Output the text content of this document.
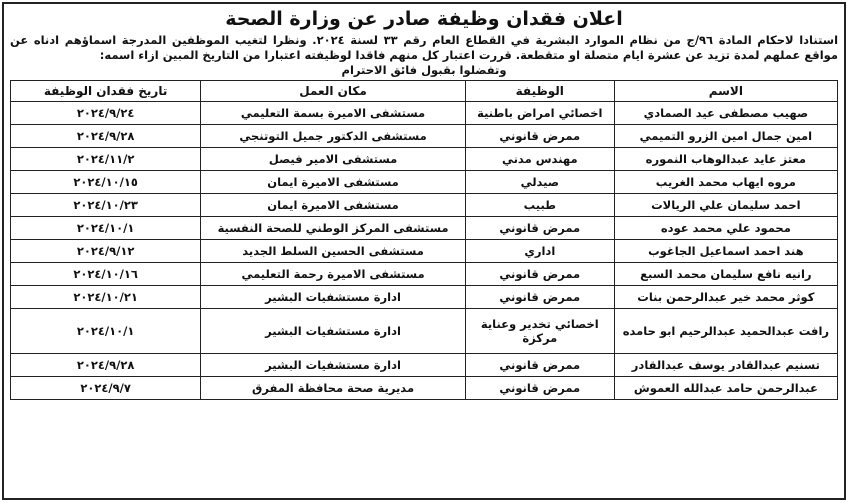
اعلان فقدان وظيفة صادر عن وزارة الصحة
استنادا لاحكام المادة ٩٦/ج من نظام الموارد البشرية في القطاع العام رقم ٣٣ لسنة ٢٠٢٤. ونظرا لتغيب الموظفين المدرجة اسماؤهم ادناه عن مواقع عملهم لمدة تزيد عن عشرة ايام متصلة او متقطعة. قررت اعتبار كل منهم فاقدا لوظيفته اعتبارا من التاريخ المبين ازاء اسمه:
وتفضلوا بقبول فائق الاحترام
الاسم	الوظيفة	مكان العمل	تاريخ فقدان الوظيفة
صهيب مصطفى عيد الصمادي	اخصائي امراض باطنية	مستشفى الاميرة بسمة التعليمي	٢٠٢٤/٩/٢٤
امين جمال امين الزرو التميمي	ممرض قانوني	مستشفى الدكتور جميل التوتنجي	٢٠٢٤/٩/٢٨
معتز عايد عبدالوهاب النموره	مهندس مدني	مستشفى الامير فيصل	٢٠٢٤/١١/٢
مروه ايهاب محمد الغريب	صيدلي	مستشفى الاميرة ايمان	٢٠٢٤/١٠/١٥
احمد سليمان علي الريالات	طبيب	مستشفى الاميرة ايمان	٢٠٢٤/١٠/٢٣
محمود علي محمد عوده	ممرض قانوني	مستشفى المركز الوطني للصحة النفسية	٢٠٢٤/١٠/١
هند احمد اسماعيل الجاغوب	اداري	مستشفى الحسين السلط الجديد	٢٠٢٤/٩/١٢
رانيه نافع سليمان محمد السبع	ممرض قانوني	مستشفى الاميرة رحمة التعليمي	٢٠٢٤/١٠/١٦
كوثر محمد خير عبدالرحمن بنات	ممرض قانوني	ادارة مستشفيات البشير	٢٠٢٤/١٠/٢١
رافت عبدالحميد عبدالرحيم ابو حامده	اخصائي تخدير وعناية مركزة	ادارة مستشفيات البشير	٢٠٢٤/١٠/١
تسنيم عبدالقادر يوسف عبدالقادر	ممرض قانوني	ادارة مستشفيات البشير	٢٠٢٤/٩/٢٨
عبدالرحمن حامد عبدالله العموش	ممرض قانوني	مديرية صحة محافظة المفرق	٢٠٢٤/٩/٧
